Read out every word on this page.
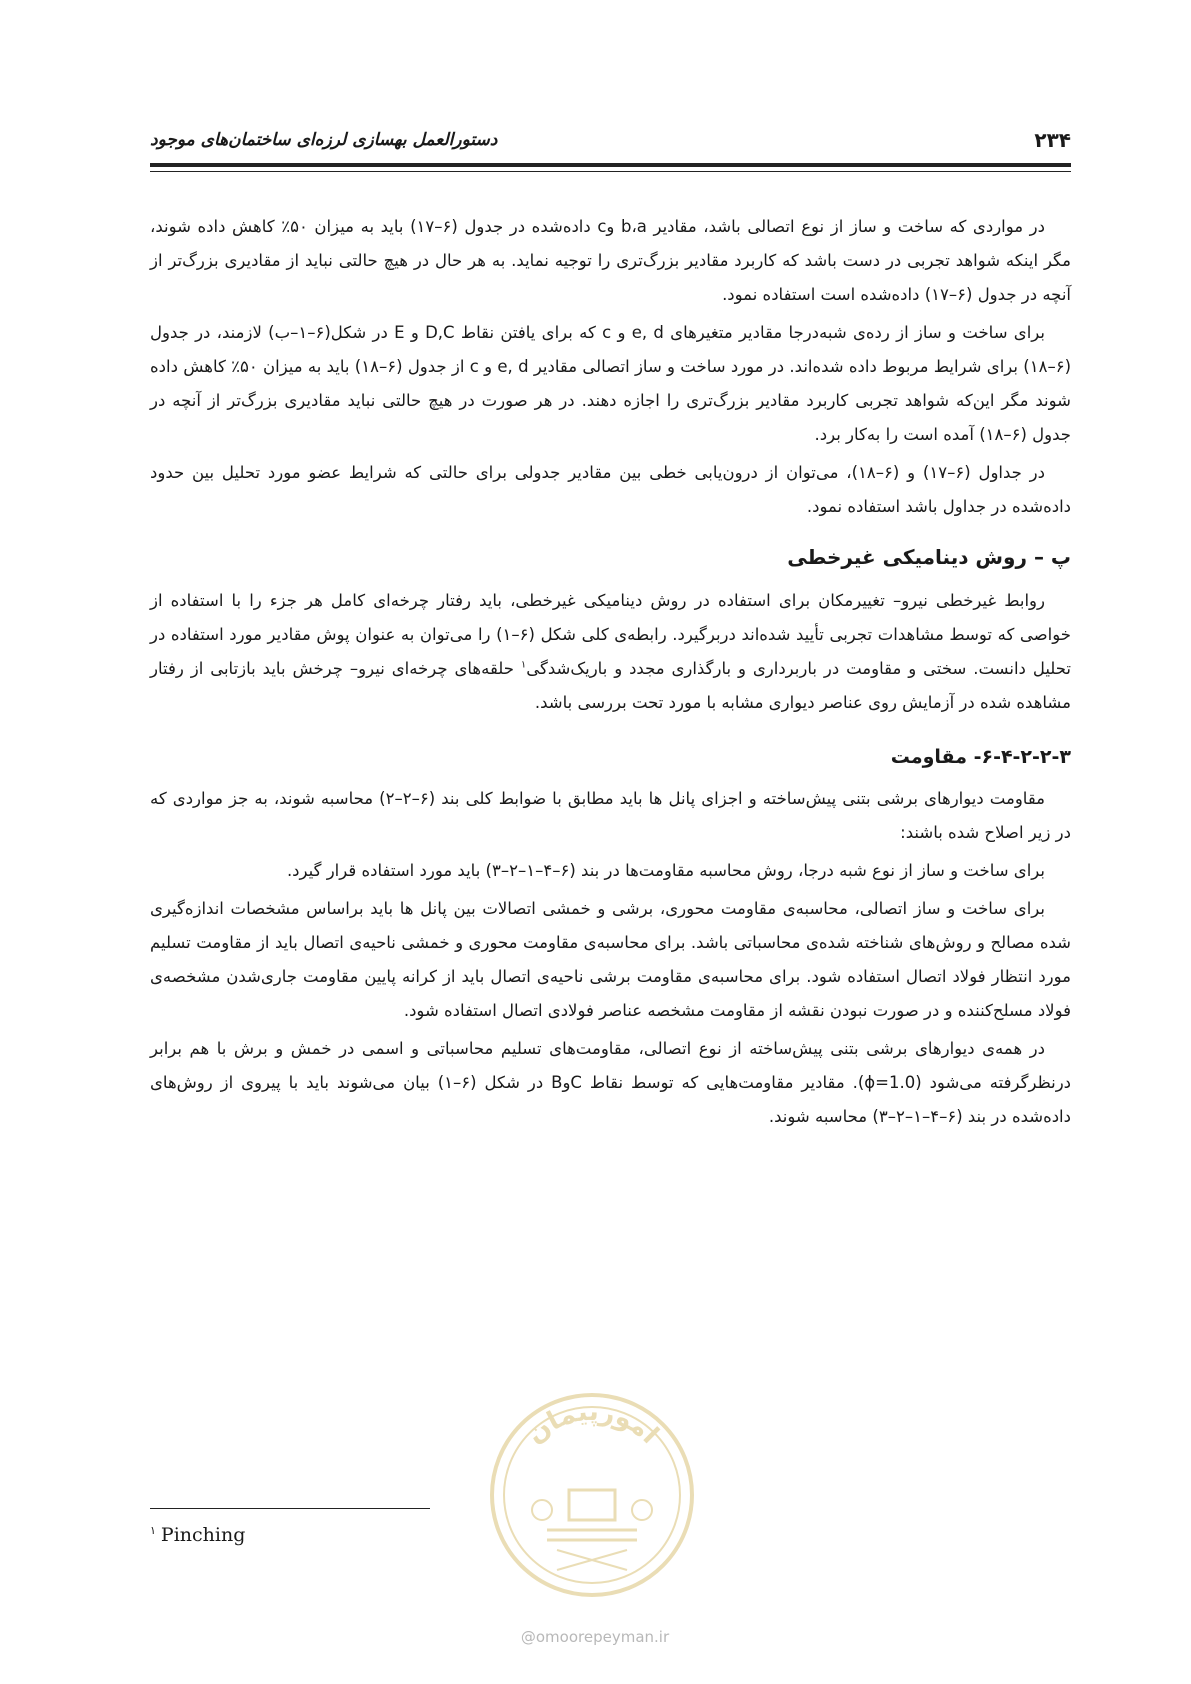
۲۳۴
دستورالعمل بهسازی لرزه‌ای ساختمان‌های موجود

در مواردی که ساخت و ساز از نوع اتصالی باشد، مقادیر b،a وc داده‌شده در جدول (۶–۱۷) باید به میزان ۵۰٪ کاهش داده شوند، مگر اینکه شواهد تجربی در دست باشد که کاربرد مقادیر بزرگ‌تری را توجیه نماید. به هر حال در هیچ حالتی نباید از مقادیری بزرگ‌تر از آنچه در جدول (۶–۱۷) داده‌شده است استفاده نمود.

برای ساخت و ساز از رده‌ی شبه‌درجا مقادیر متغیرهای e, d و c که برای یافتن نقاط D,C و E در شکل(۶–۱–ب) لازمند، در جدول (۶–۱۸) برای شرایط مربوط داده شده‌اند. در مورد ساخت و ساز اتصالی مقادیر e, d و c از جدول (۶–۱۸) باید به میزان ۵۰٪ کاهش داده شوند مگر این‌که شواهد تجربی کاربرد مقادیر بزرگ‌تری را اجازه دهند. در هر صورت در هیچ حالتی نباید مقادیری بزرگ‌تر از آنچه در جدول (۶–۱۸) آمده است را به‌کار برد.

در جداول (۶–۱۷) و (۶–۱۸)، می‌توان از درون‌یابی خطی بین مقادیر جدولی برای حالتی که شرایط عضو مورد تحلیل بین حدود داده‌شده در جداول باشد استفاده نمود.

پ – روش دینامیکی غیرخطی

روابط غیرخطی نیرو– تغییرمکان برای استفاده در روش دینامیکی غیرخطی، باید رفتار چرخه‌ای کامل هر جزء را با استفاده از خواصی که توسط مشاهدات تجربی تأیید شده‌اند دربرگیرد. رابطه‌ی کلی شکل (۶–۱) را می‌توان به عنوان پوش مقادیر مورد استفاده در تحلیل دانست. سختی و مقاومت در باربرداری و بارگذاری مجدد و باریک‌شدگی$^۱$ حلقه‌های چرخه‌ای نیرو– چرخش باید بازتابی از رفتار مشاهده شده در آزمایش روی عناصر دیواری مشابه با مورد تحت بررسی باشد.

۶-۴-۲-۲-۳- مقاومت

مقاومت دیوارهای برشی بتنی پیش‌ساخته و اجزای پانل ها باید مطابق با ضوابط کلی بند (۶–۲–۲) محاسبه شوند، به جز مواردی که در زیر اصلاح شده باشند:

برای ساخت و ساز از نوع شبه درجا، روش محاسبه مقاومت‌ها در بند (۶–۴–۱–۲–۳) باید مورد استفاده قرار گیرد.

برای ساخت و ساز اتصالی، محاسبه‌ی مقاومت محوری، برشی و خمشی اتصالات بین پانل ها باید براساس مشخصات اندازه‌گیری شده مصالح و روش‌های شناخته شده‌ی محاسباتی باشد. برای محاسبه‌ی مقاومت محوری و خمشی ناحیه‌ی اتصال باید از مقاومت تسلیم مورد انتظار فولاد اتصال استفاده شود. برای محاسبه‌ی مقاومت برشی ناحیه‌ی اتصال باید از کرانه پایین مقاومت جاری‌شدن مشخصه‌ی فولاد مسلح‌کننده و در صورت نبودن نقشه از مقاومت مشخصه عناصر فولادی اتصال استفاده شود.

در همه‌ی دیوارهای برشی بتنی پیش‌ساخته از نوع اتصالی، مقاومت‌های تسلیم محاسباتی و اسمی در خمش و برش با هم برابر درنظرگرفته می‌شود (ϕ=1.0). مقادیر مقاومت‌هایی که توسط نقاط CوB در شکل (۶–۱) بیان می‌شوند باید با پیروی از روش‌های داده‌شده در بند (۶–۴–۱–۲–۳) محاسبه شوند.

امورپیمان
@omoorepeyman.ir
$^۱$ Pinching
